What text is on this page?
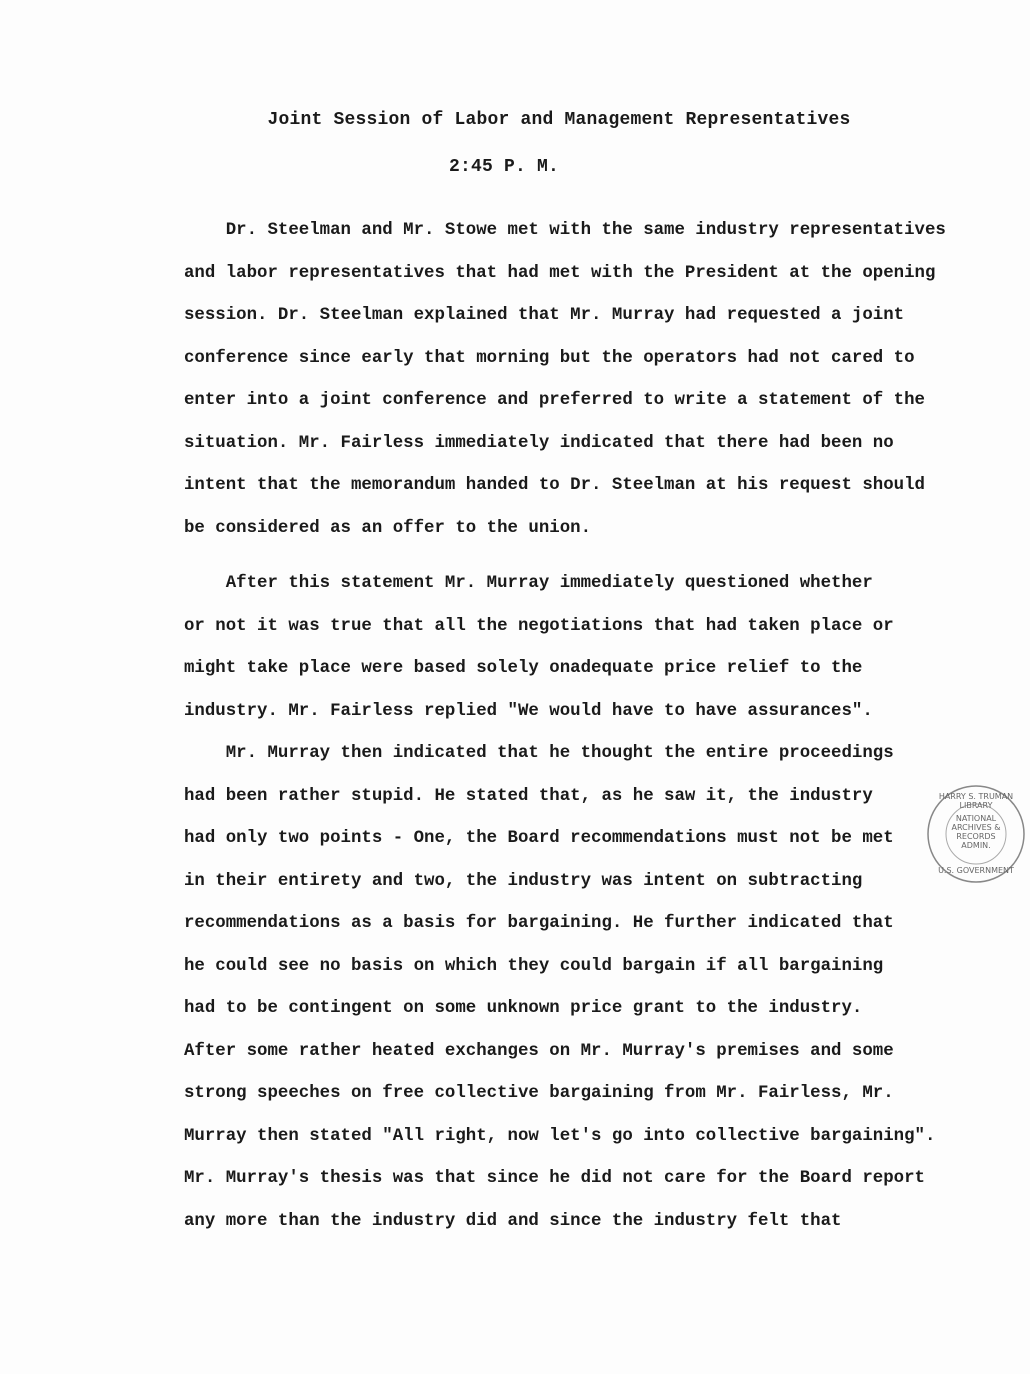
Joint Session of Labor and Management Representatives
2:45 P. M.
Dr. Steelman and Mr. Stowe met with the same industry representatives
and labor representatives that had met with the President at the opening
session. Dr. Steelman explained that Mr. Murray had requested a joint
conference since early that morning but the operators had not cared to
enter into a joint conference and preferred to write a statement of the
situation. Mr. Fairless immediately indicated that there had been no
intent that the memorandum handed to Dr. Steelman at his request should
be considered as an offer to the union.
After this statement Mr. Murray immediately questioned whether
or not it was true that all the negotiations that had taken place or
might take place were based solely onadequate price relief to the
industry. Mr. Fairless replied "We would have to have assurances".
Mr. Murray then indicated that he thought the entire proceedings
had been rather stupid. He stated that, as he saw it, the industry
had only two points - One, the Board recommendations must not be met
in their entirety and two, the industry was intent on subtracting
recommendations as a basis for bargaining. He further indicated that
he could see no basis on which they could bargain if all bargaining
had to be contingent on some unknown price grant to the industry.
After some rather heated exchanges on Mr. Murray's premises and some
strong speeches on free collective bargaining from Mr. Fairless, Mr.
Murray then stated "All right, now let's go into collective bargaining".
Mr. Murray's thesis was that since he did not care for the Board report
any more than the industry did and since the industry felt that
HARRY S. TRUMAN LIBRARY
NATIONAL
ARCHIVES &
RECORDS
ADMIN.
U.S. GOVERNMENT
